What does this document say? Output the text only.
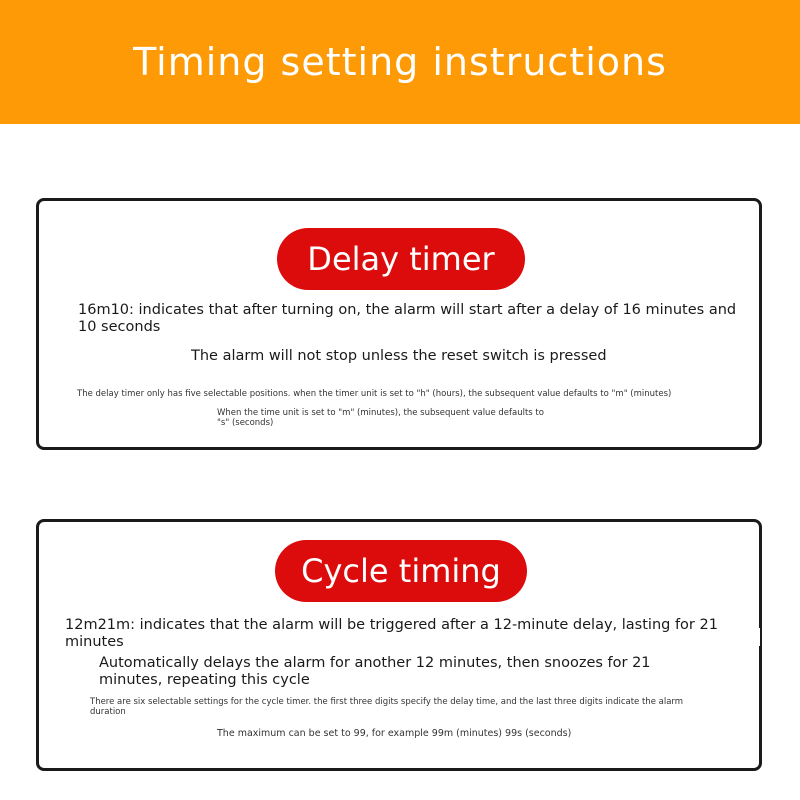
Timing setting instructions
Delay timer

16m10: indicates that after turning on, the alarm will start after a delay of 16 minutes and 10 seconds

The alarm will not stop unless the reset switch is pressed

The delay timer only has five selectable positions. when the timer unit is set to "h" (hours), the subsequent value defaults to "m" (minutes)

When the time unit is set to "m" (minutes), the subsequent value defaults to "s" (seconds)

Cycle timing

12m21m: indicates that the alarm will be triggered after a 12-minute delay, lasting for 21 minutes

Automatically delays the alarm for another 12 minutes, then snoozes for 21 minutes, repeating this cycle

There are six selectable settings for the cycle timer. the first three digits specify the delay time, and the last three digits indicate the alarm duration

The maximum can be set to 99, for example 99m (minutes) 99s (seconds)
